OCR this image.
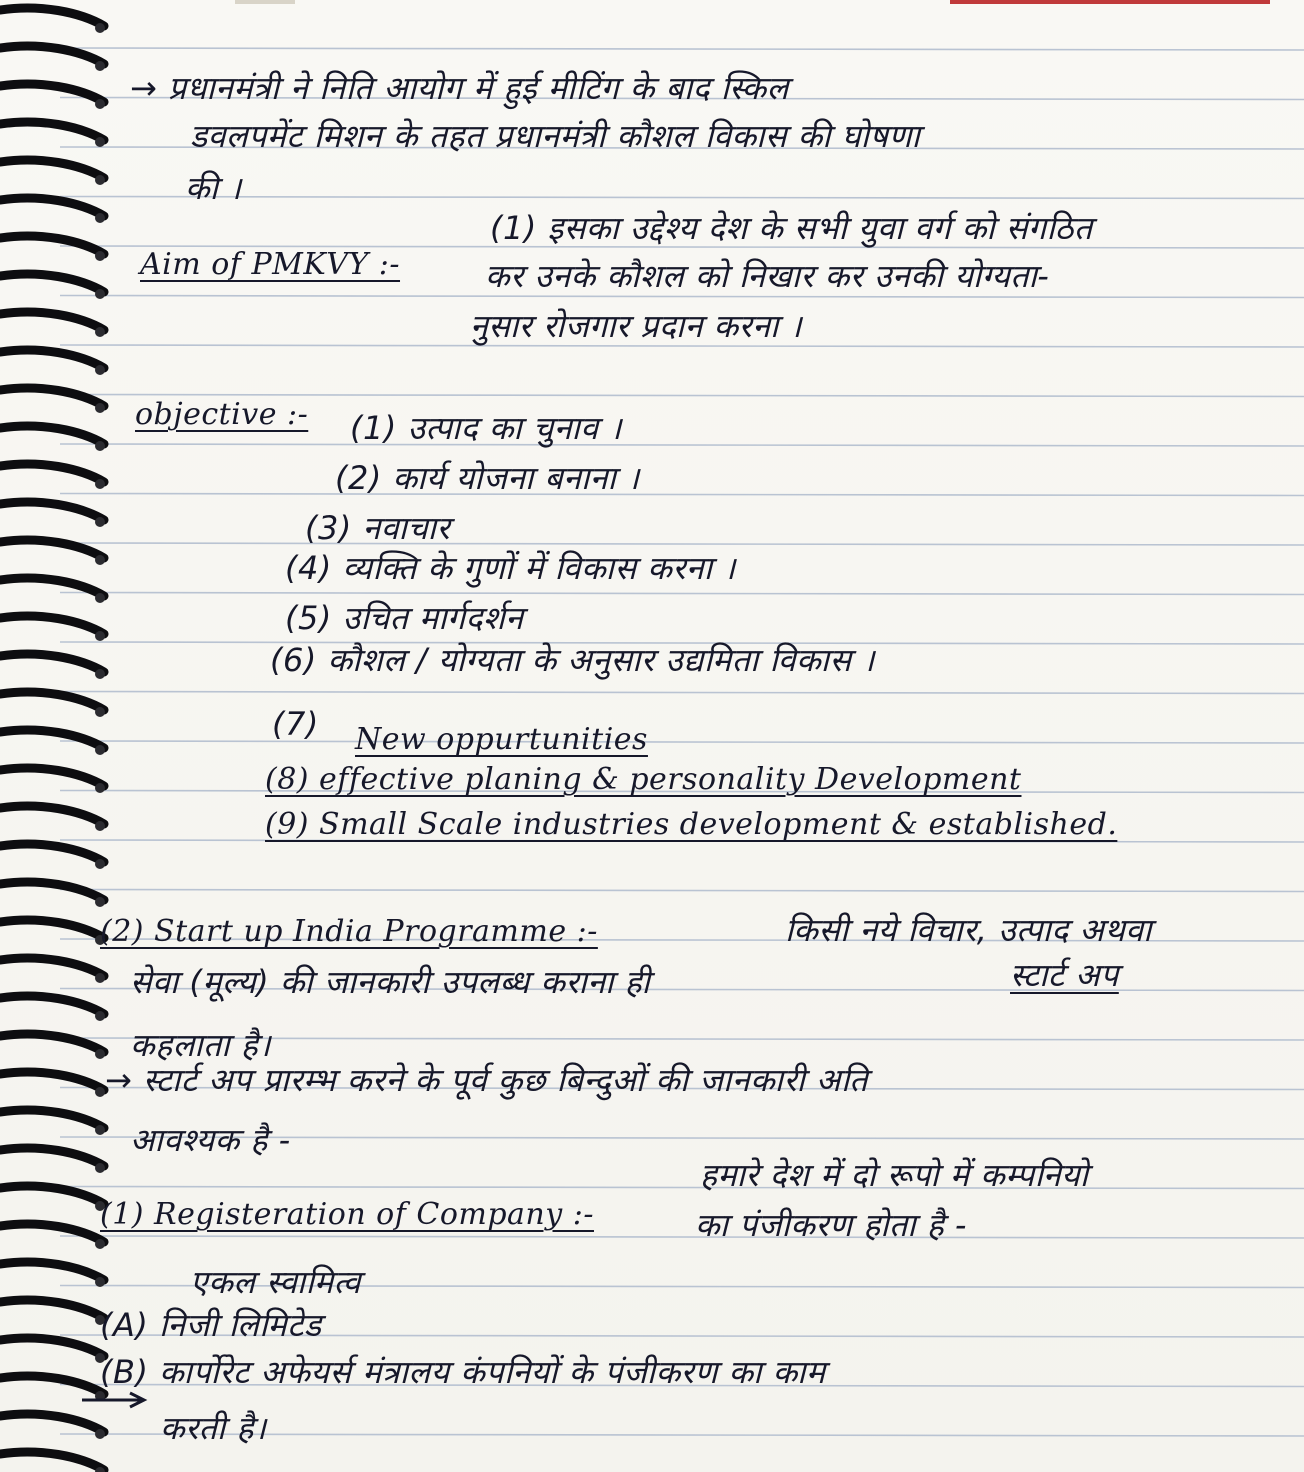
→ प्रधानमंत्री ने निति आयोग में हुई मीटिंग के बाद स्किल
डवलपमेंट मिशन के तहत प्रधानमंत्री कौशल विकास की घोषणा
की ।
(1) इसका उद्देश्य देश के सभी युवा वर्ग को संगठित
Aim of PMKVY :-	कर उनके कौशल को निखार कर उनकी योग्यता-
नुसार रोजगार प्रदान करना ।
objective :- (1) उत्पाद का चुनाव ।
(2) कार्य योजना बनाना ।
(3) नवाचार
(4) व्यक्ति के गुणों में विकास करना ।
(5) उचित मार्गदर्शन
(6) कौशल / योग्यता के अनुसार उद्यमिता विकास ।
(7) New oppurtunities
(8) effective planing & personality Development
(9) Small Scale industries development & established.
(2) Start up India Programme :-	किसी नये विचार, उत्पाद अथवा
सेवा (मूल्य) की जानकारी उपलब्ध कराना ही	स्टार्ट अप
कहलाता है।
→ स्टार्ट अप प्रारम्भ करने के पूर्व कुछ बिन्दुओं की जानकारी अति
आवश्यक है -
हमारे देश में दो रूपो में कम्पनियो
(1) Registeration of Company :-	का पंजीकरण होता है -
एकल स्वामित्व
(A) निजी लिमिटेड
(B) कार्पोरेट अफेयर्स मंत्रालय कंपनियों के पंजीकरण का काम
करती है।
